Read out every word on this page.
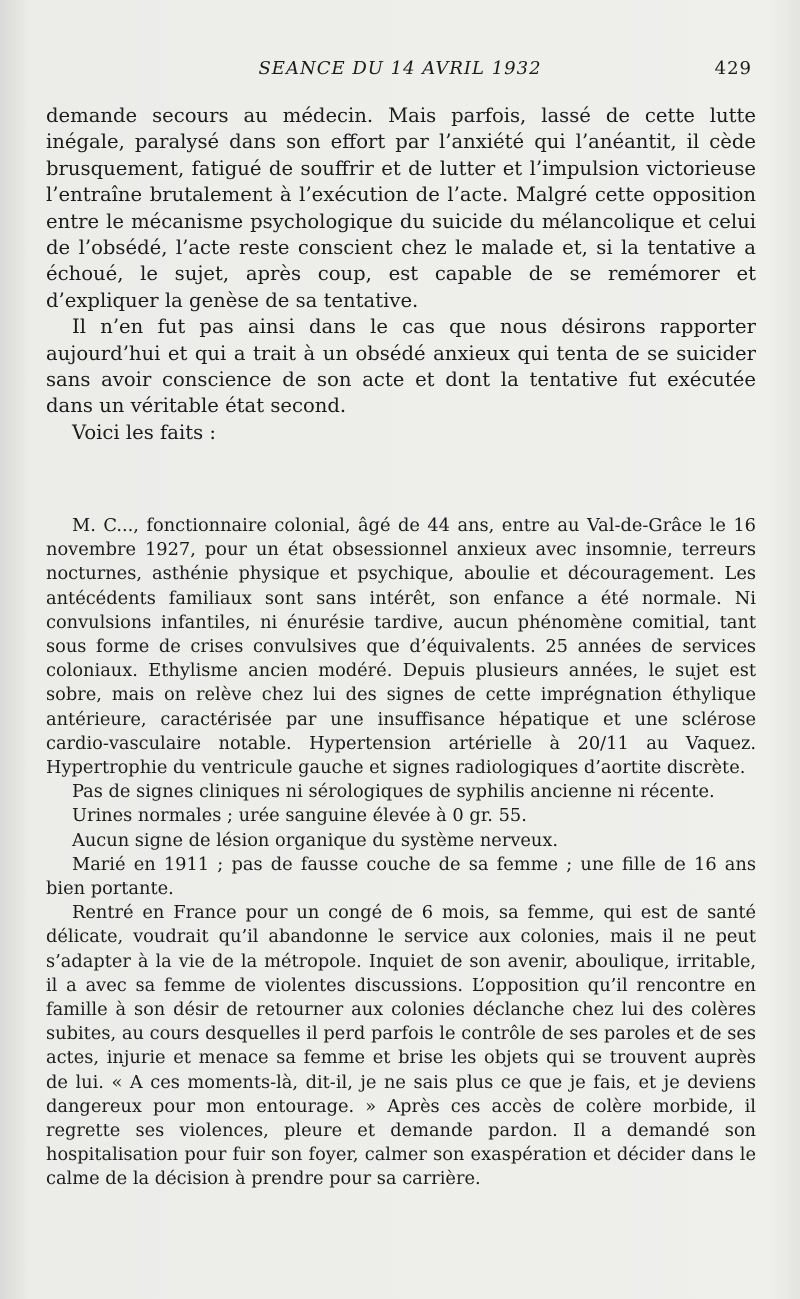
SEANCE DU 14 AVRIL 1932	429

demande secours au médecin. Mais parfois, lassé de cette lutte inégale, paralysé dans son effort par l’anxiété qui l’anéantit, il cède brusquement, fatigué de souffrir et de lutter et l’impulsion victorieuse l’entraîne brutalement à l’exécution de l’acte. Malgré cette opposition entre le mécanisme psychologique du suicide du mélancolique et celui de l’obsédé, l’acte reste conscient chez le malade et, si la tentative a échoué, le sujet, après coup, est capable de se remémorer et d’expliquer la genèse de sa tentative.

Il n’en fut pas ainsi dans le cas que nous désirons rapporter aujourd’hui et qui a trait à un obsédé anxieux qui tenta de se suicider sans avoir conscience de son acte et dont la tentative fut exécutée dans un véritable état second.

Voici les faits :

M. C..., fonctionnaire colonial, âgé de 44 ans, entre au Val-de-Grâce le 16 novembre 1927, pour un état obsessionnel anxieux avec insomnie, terreurs nocturnes, asthénie physique et psychique, aboulie et découragement. Les antécédents familiaux sont sans intérêt, son enfance a été normale. Ni convulsions infantiles, ni énurésie tardive, aucun phénomène comitial, tant sous forme de crises convulsives que d’équivalents. 25 années de services coloniaux. Ethylisme ancien modéré. Depuis plusieurs années, le sujet est sobre, mais on relève chez lui des signes de cette imprégnation éthylique antérieure, caractérisée par une insuffisance hépatique et une sclérose cardio-vasculaire notable. Hypertension artérielle à 20/11 au Vaquez. Hypertrophie du ventricule gauche et signes radiologiques d’aortite discrète.

Pas de signes cliniques ni sérologiques de syphilis ancienne ni récente.

Urines normales ; urée sanguine élevée à 0 gr. 55.

Aucun signe de lésion organique du système nerveux.

Marié en 1911 ; pas de fausse couche de sa femme ; une fille de 16 ans bien portante.

Rentré en France pour un congé de 6 mois, sa femme, qui est de santé délicate, voudrait qu’il abandonne le service aux colonies, mais il ne peut s’adapter à la vie de la métropole. Inquiet de son avenir, aboulique, irritable, il a avec sa femme de violentes discussions. L’opposition qu’il rencontre en famille à son désir de retourner aux colonies déclanche chez lui des colères subites, au cours desquelles il perd parfois le contrôle de ses paroles et de ses actes, injurie et menace sa femme et brise les objets qui se trouvent auprès de lui. « A ces moments-là, dit-il, je ne sais plus ce que je fais, et je deviens dangereux pour mon entourage. » Après ces accès de colère morbide, il regrette ses violences, pleure et demande pardon. Il a demandé son hospitalisation pour fuir son foyer, calmer son exaspération et décider dans le calme de la décision à prendre pour sa carrière.
